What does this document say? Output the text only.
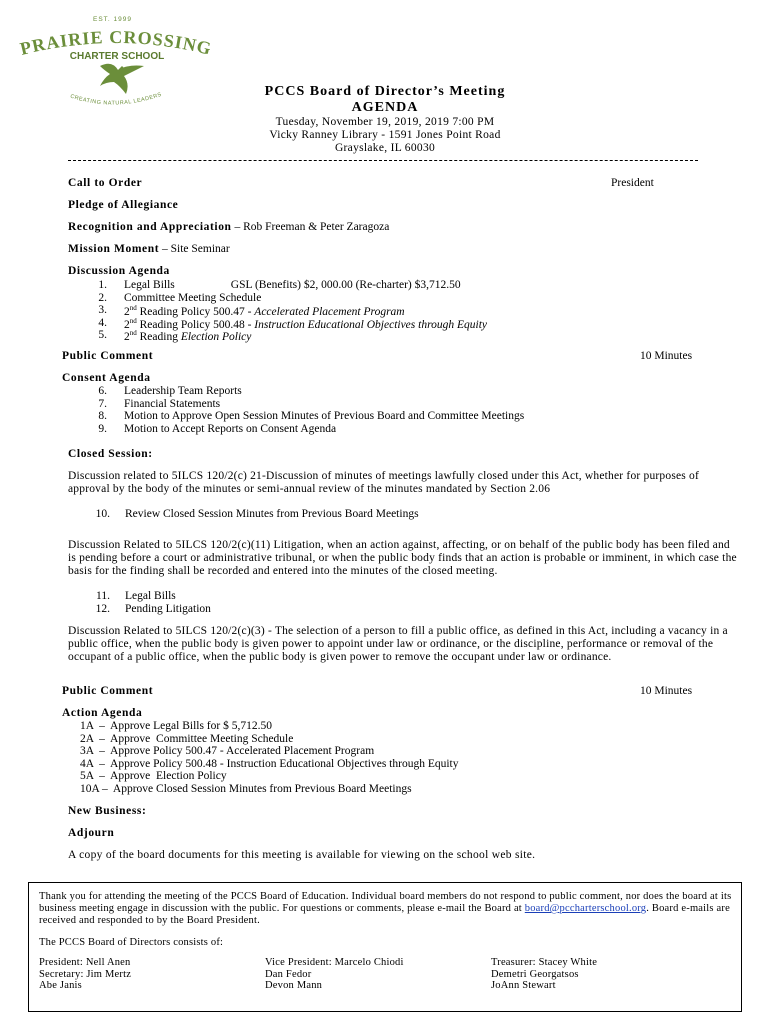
EST. 1999
PRAIRIE CROSSING
CHARTER SCHOOL
CREATING NATURAL LEADERS	PCCS Board of Director’s Meeting
AGENDA
Tuesday, November 19, 2019, 2019 7:00 PM
Vicky Ranney Library - 1591 Jones Point Road
Grayslake, IL 60030
Call to Order	President
Pledge of Allegiance
Recognition and Appreciation – Rob Freeman & Peter Zaragoza
Mission Moment – Site Seminar
Discussion Agenda
1. Legal Bills	GSL (Benefits) $2, 000.00 (Re-charter) $3,712.50
2. Committee Meeting Schedule
3. 2nd Reading Policy 500.47 - Accelerated Placement Program
4. 2nd Reading Policy 500.48 - Instruction Educational Objectives through Equity
5. 2nd Reading Election Policy
Public Comment	10 Minutes
Consent Agenda
6. Leadership Team Reports
7. Financial Statements
8. Motion to Approve Open Session Minutes of Previous Board and Committee Meetings
9. Motion to Accept Reports on Consent Agenda
Closed Session:
Discussion related to 5ILCS 120/2(c) 21-Discussion of minutes of meetings lawfully closed under this Act, whether for purposes of approval by the body of the minutes or semi-annual review of the minutes mandated by Section 2.06
10. Review Closed Session Minutes from Previous Board Meetings
Discussion Related to 5ILCS 120/2(c)(11) Litigation, when an action against, affecting, or on behalf of the public body has been filed and is pending before a court or administrative tribunal, or when the public body finds that an action is probable or imminent, in which case the basis for the finding shall be recorded and entered into the minutes of the closed meeting.
11. Legal Bills
12. Pending Litigation
Discussion Related to 5ILCS 120/2(c)(3) - The selection of a person to fill a public office, as defined in this Act, including a vacancy in a public office, when the public body is given power to appoint under law or ordinance, or the discipline, performance or removal of the occupant of a public office, when the public body is given power to remove the occupant under law or ordinance.
Public Comment	10 Minutes
Action Agenda
1A  –  Approve Legal Bills for $ 5,712.50
2A  –  Approve  Committee Meeting Schedule
3A  –  Approve Policy 500.47 - Accelerated Placement Program
4A  –  Approve Policy 500.48 - Instruction Educational Objectives through Equity
5A  –  Approve  Election Policy
10A –  Approve Closed Session Minutes from Previous Board Meetings
New Business:
Adjourn
A copy of the board documents for this meeting is available for viewing on the school web site.
Thank you for attending the meeting of the PCCS Board of Education. Individual board members do not respond to public comment, nor does the board at its business meeting engage in discussion with the public. For questions or comments, please e-mail the Board at board@pccharterschool.org. Board e-mails are received and responded to by the Board President.
The PCCS Board of Directors consists of:
President: Nell Anen
Secretary: Jim Mertz
Abe Janis
Vice President: Marcelo Chiodi
Dan Fedor
Devon Mann
Treasurer: Stacey White
Demetri Georgatsos
JoAnn Stewart
